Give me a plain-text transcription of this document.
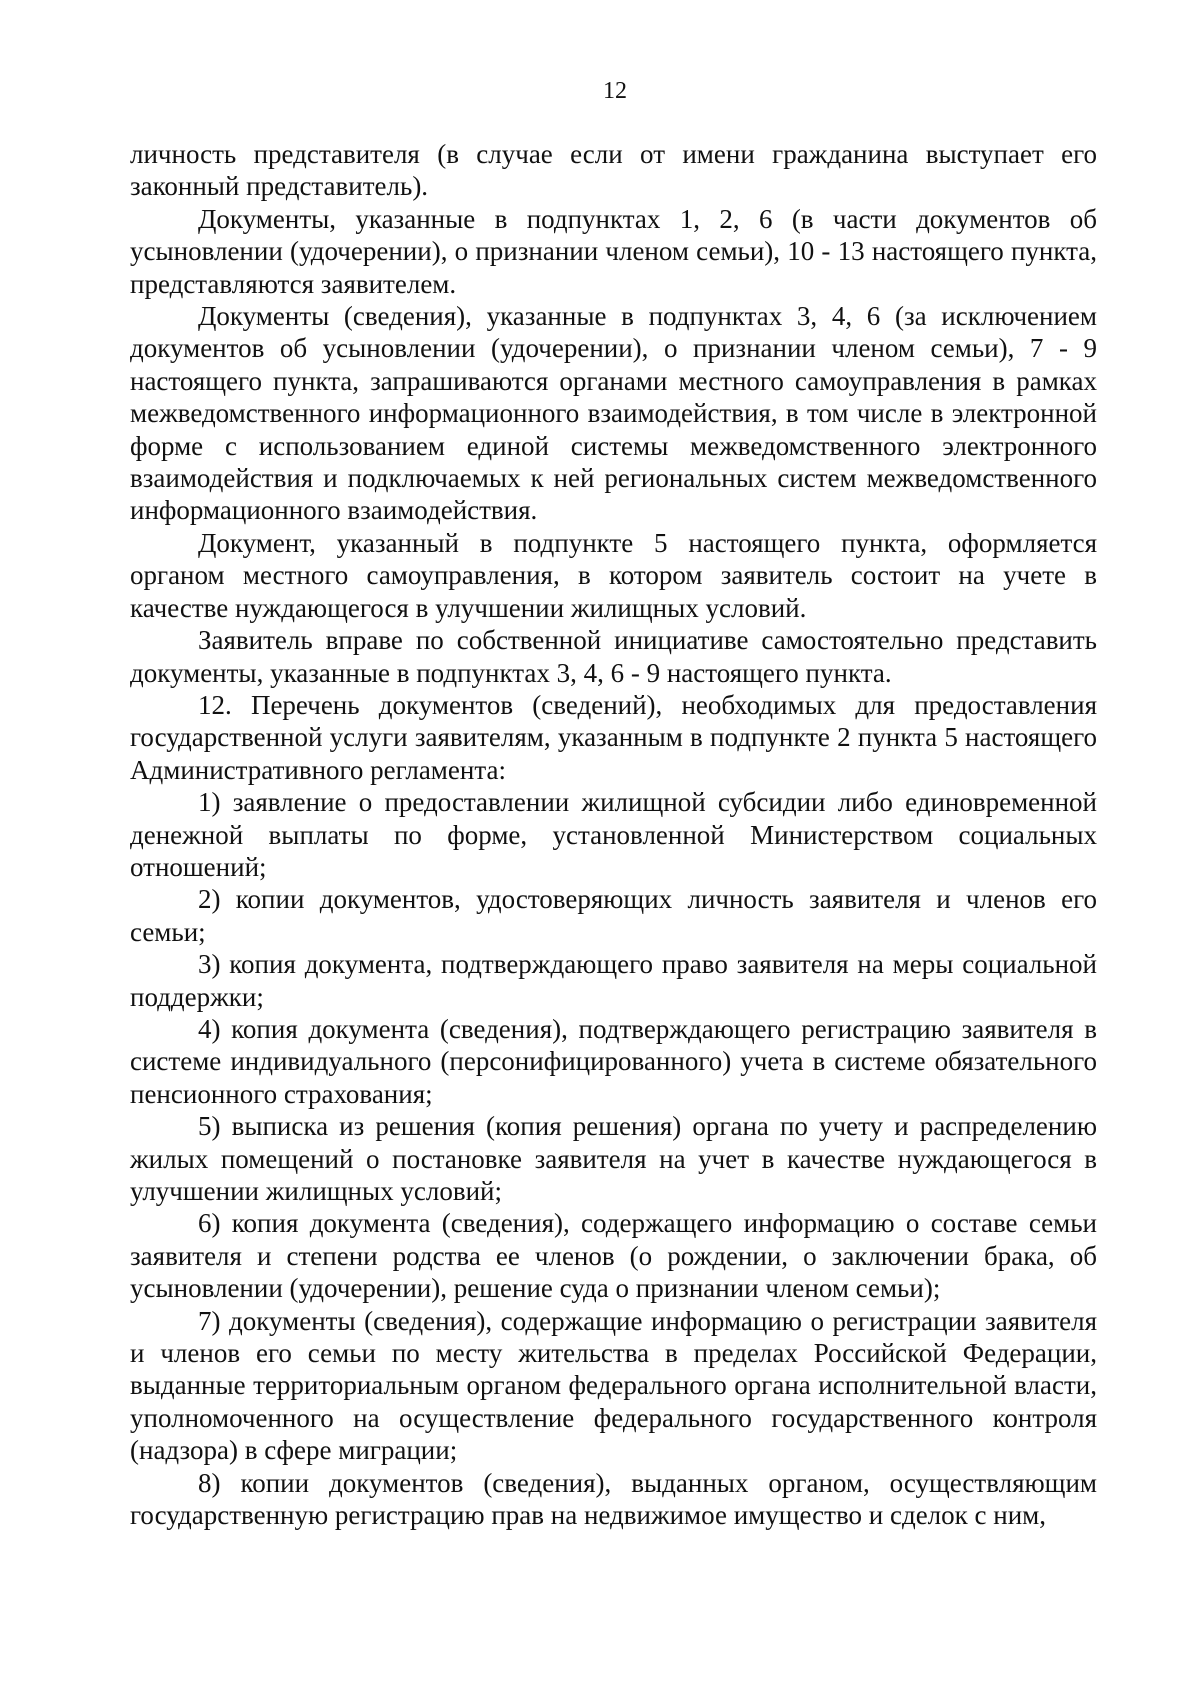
12

личность представителя (в случае если от имени гражданина выступает его законный представитель).

Документы, указанные в подпунктах 1, 2, 6 (в части документов об усыновлении (удочерении), о признании членом семьи), 10 - 13 настоящего пункта, представляются заявителем.

Документы (сведения), указанные в подпунктах 3, 4, 6 (за исключением документов об усыновлении (удочерении), о признании членом семьи), 7 - 9 настоящего пункта, запрашиваются органами местного самоуправления в рамках межведомственного информационного взаимодействия, в том числе в электронной форме с использованием единой системы межведомственного электронного взаимодействия и подключаемых к ней региональных систем межведомственного информационного взаимодействия.

Документ, указанный в подпункте 5 настоящего пункта, оформляется органом местного самоуправления, в котором заявитель состоит на учете в качестве нуждающегося в улучшении жилищных условий.

Заявитель вправе по собственной инициативе самостоятельно представить документы, указанные в подпунктах 3, 4, 6 - 9 настоящего пункта.

12. Перечень документов (сведений), необходимых для предоставления государственной услуги заявителям, указанным в подпункте 2 пункта 5 настоящего Административного регламента:

1) заявление о предоставлении жилищной субсидии либо единовременной денежной выплаты по форме, установленной Министерством социальных отношений;

2) копии документов, удостоверяющих личность заявителя и членов его семьи;

3) копия документа, подтверждающего право заявителя на меры социальной поддержки;

4) копия документа (сведения), подтверждающего регистрацию заявителя в системе индивидуального (персонифицированного) учета в системе обязательного пенсионного страхования;

5) выписка из решения (копия решения) органа по учету и распределению жилых помещений о постановке заявителя на учет в качестве нуждающегося в улучшении жилищных условий;

6) копия документа (сведения), содержащего информацию о составе семьи заявителя и степени родства ее членов (о рождении, о заключении брака, об усыновлении (удочерении), решение суда о признании членом семьи);

7) документы (сведения), содержащие информацию о регистрации заявителя и членов его семьи по месту жительства в пределах Российской Федерации, выданные территориальным органом федерального органа исполнительной власти, уполномоченного на осуществление федерального государственного контроля (надзора) в сфере миграции;

8) копии документов (сведения), выданных органом, осуществляющим государственную регистрацию прав на недвижимое имущество и сделок с ним,
